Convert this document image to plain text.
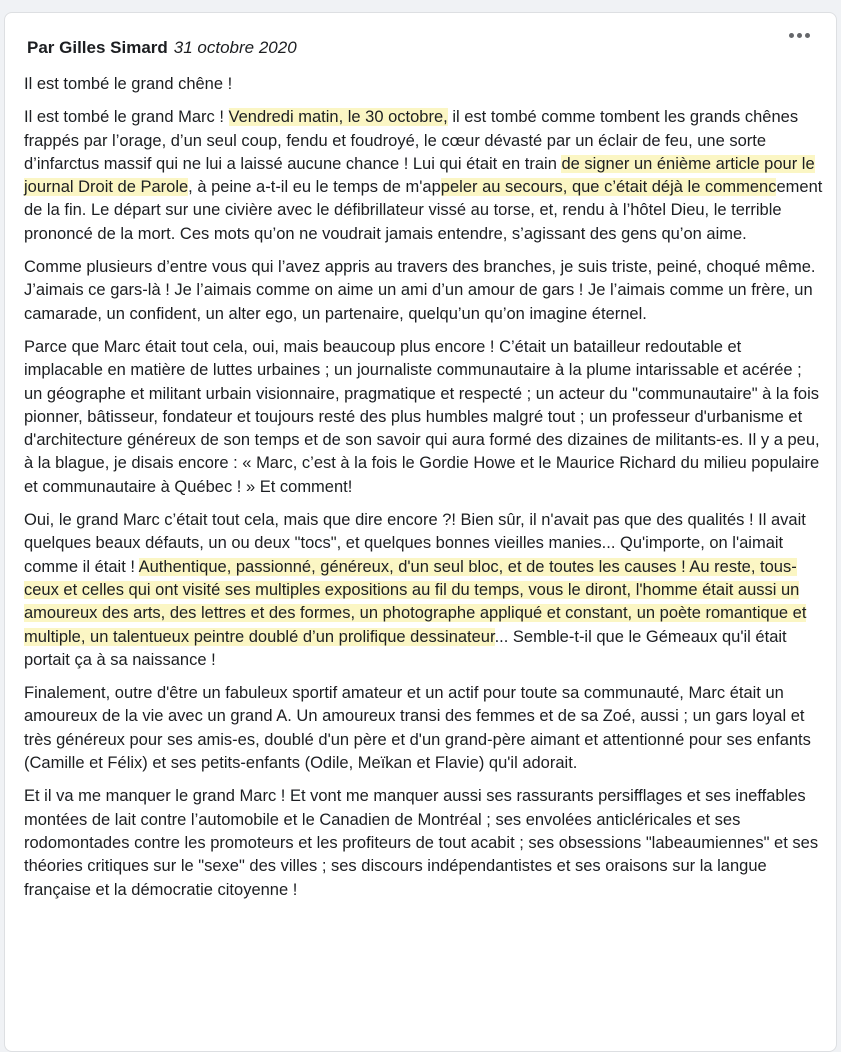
Par Gilles Simard 31 octobre 2020

Il est tombé le grand chêne !

Il est tombé le grand Marc ! Vendredi matin, le 30 octobre, il est tombé comme tombent les grands chênes frappés par l’orage, d’un seul coup, fendu et foudroyé, le cœur dévasté par un éclair de feu, une sorte d’infarctus massif qui ne lui a laissé aucune chance ! Lui qui était en train de signer un énième article pour le journal Droit de Parole, à peine a-t-il eu le temps de m'appeler au secours, que c’était déjà le commencement de la fin. Le départ sur une civière avec le défibrillateur vissé au torse, et, rendu à l’hôtel Dieu, le terrible prononcé de la mort. Ces mots qu’on ne voudrait jamais entendre, s’agissant des gens qu’on aime.

Comme plusieurs d’entre vous qui l’avez appris au travers des branches, je suis triste, peiné, choqué même. J’aimais ce gars-là ! Je l’aimais comme on aime un ami d’un amour de gars ! Je l’aimais comme un frère, un camarade, un confident, un alter ego, un partenaire, quelqu’un qu’on imagine éternel.

Parce que Marc était tout cela, oui, mais beaucoup plus encore ! C’était un batailleur redoutable et implacable en matière de luttes urbaines ; un journaliste communautaire à la plume intarissable et acérée ; un géographe et militant urbain visionnaire, pragmatique et respecté ; un acteur du "communautaire" à la fois pionner, bâtisseur, fondateur et toujours resté des plus humbles malgré tout ; un professeur d'urbanisme et d'architecture généreux de son temps et de son savoir qui aura formé des dizaines de militants-es. Il y a peu, à la blague, je disais encore : « Marc, c’est à la fois le Gordie Howe et le Maurice Richard du milieu populaire et communautaire à Québec ! » Et comment!

Oui, le grand Marc c’était tout cela, mais que dire encore ?! Bien sûr, il n'avait pas que des qualités ! Il avait quelques beaux défauts, un ou deux "tocs", et quelques bonnes vieilles manies... Qu'importe, on l'aimait comme il était ! Authentique, passionné, généreux, d'un seul bloc, et de toutes les causes ! Au reste, tous-ceux et celles qui ont visité ses multiples expositions au fil du temps, vous le diront, l'homme était aussi un amoureux des arts, des lettres et des formes, un photographe appliqué et constant, un poète romantique et multiple, un talentueux peintre doublé d’un prolifique dessinateur... Semble-t-il que le Gémeaux qu'il était portait ça à sa naissance !

Finalement, outre d'être un fabuleux sportif amateur et un actif pour toute sa communauté, Marc était un amoureux de la vie avec un grand A. Un amoureux transi des femmes et de sa Zoé, aussi ; un gars loyal et très généreux pour ses amis-es, doublé d'un père et d'un grand-père aimant et attentionné pour ses enfants (Camille et Félix) et ses petits-enfants (Odile, Meïkan et Flavie) qu'il adorait.

Et il va me manquer le grand Marc ! Et vont me manquer aussi ses rassurants persifflages et ses ineffables montées de lait contre l’automobile et le Canadien de Montréal ; ses envolées anticléricales et ses rodomontades contre les promoteurs et les profiteurs de tout acabit ; ses obsessions "labeaumiennes" et ses théories critiques sur le "sexe" des villes ; ses discours indépendantistes et ses oraisons sur la langue française et la démocratie citoyenne !
